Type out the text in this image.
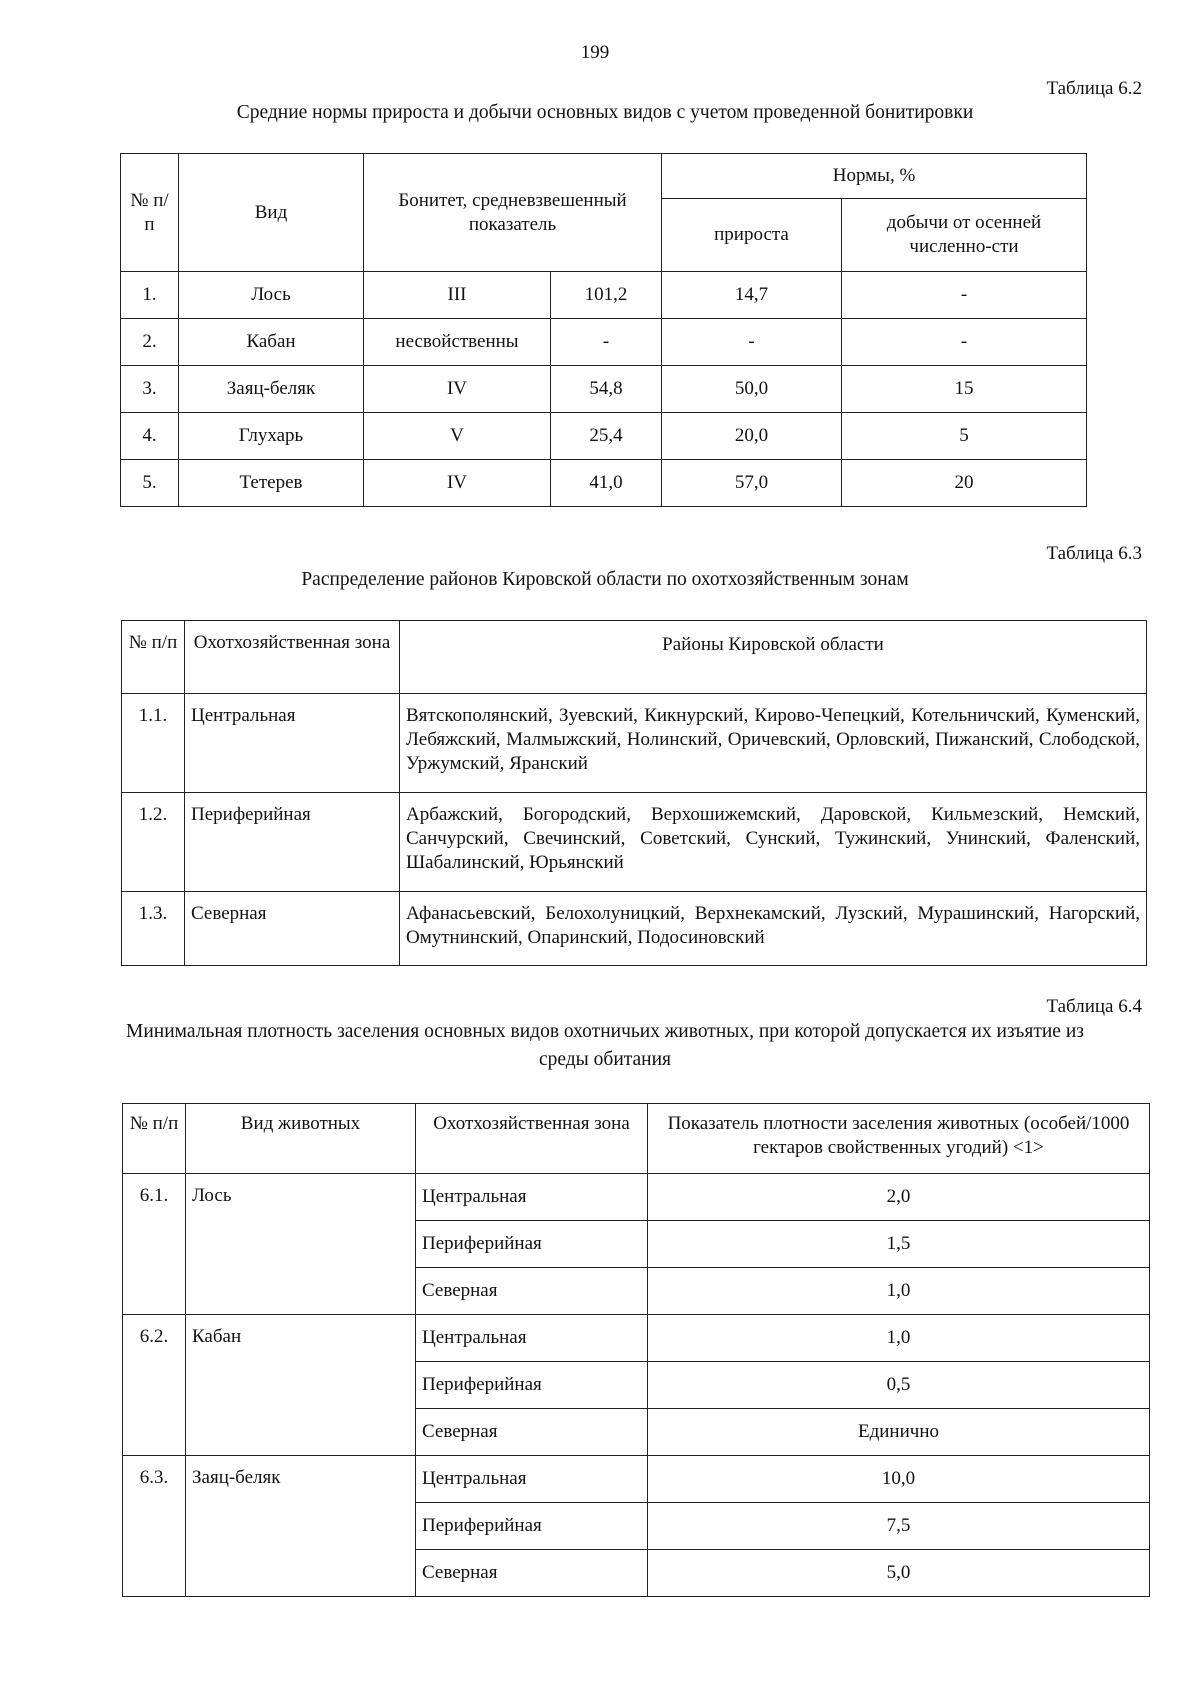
199
Таблица 6.2
Средние нормы прироста и добычи основных видов с учетом проведенной бонитировки
№ п/п	Вид	Бонитет, средневзвешенный показатель		Нормы, %	
				прироста	добычи от осенней численно-сти
1.	Лось	III	101,2	14,7	-
2.	Кабан	несвойственны	-	-	-
3.	Заяц-беляк	IV	54,8	50,0	15
4.	Глухарь	V	25,4	20,0	5
5.	Тетерев	IV	41,0	57,0	20
Таблица 6.3
Распределение районов Кировской области по охотхозяйственным зонам
№ п/п	Охотхозяйственная зона	Районы Кировской области
1.1.	Центральная	Вятскополянский, Зуевский, Кикнурский, Кирово-Чепецкий, Котельничский, Куменский, Лебяжский, Малмыжский, Нолинский, Оричевский, Орловский, Пижанский, Слободской, Уржумский, Яранский
1.2.	Периферийная	Арбажский, Богородский, Верхошижемский, Даровской, Кильмезский, Немский, Санчурский, Свечинский, Советский, Сунский, Тужинский, Унинский, Фаленский, Шабалинский, Юрьянский
1.3.	Северная	Афанасьевский, Белохолуницкий, Верхнекамский, Лузский, Мурашинский, Нагорский, Омутнинский, Опаринский, Подосиновский
Таблица 6.4
Минимальная плотность заселения основных видов охотничьих животных, при которой допускается их изъятие из среды обитания
№ п/п	Вид животных	Охотхозяйственная зона	Показатель плотности заселения животных (особей/1000 гектаров свойственных угодий) <1>
6.1.	Лось	Центральная	2,0
		Периферийная	1,5
		Северная	1,0
6.2.	Кабан	Центральная	1,0
		Периферийная	0,5
		Северная	Единично
6.3.	Заяц-беляк	Центральная	10,0
		Периферийная	7,5
		Северная	5,0
